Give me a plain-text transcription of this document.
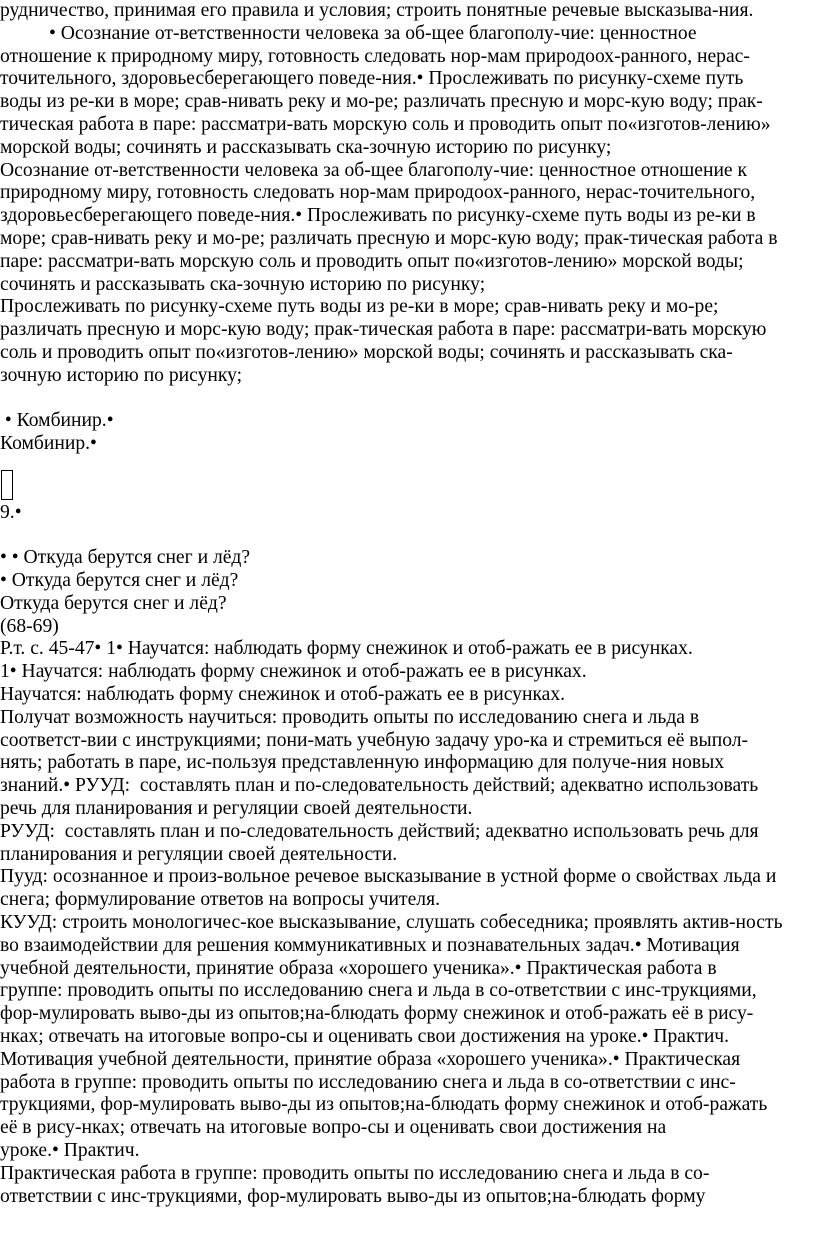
рудничество, принимая его правила и условия; строить понятные речевые высказыва-ния.
• Осознание от-ветственности человека за об-щее благополу-чие: ценностное
отношение к природному миру, готовность следовать нор-мам природоох-ранного, нерас-
точительного, здоровьесберегающего поведе-ния.• Прослеживать по рисунку-схеме путь
воды из ре-ки в море; срав-нивать реку и мо-ре; различать пресную и морс-кую воду; прак-
тическая работа в паре: рассматри-вать морскую соль и проводить опыт по«изготов-лению»
морской воды; сочинять и рассказывать ска-зочную историю по рисунку;
Осознание от-ветственности человека за об-щее благополу-чие: ценностное отношение к
природному миру, готовность следовать нор-мам природоох-ранного, нерас-точительного,
здоровьесберегающего поведе-ния.• Прослеживать по рисунку-схеме путь воды из ре-ки в
море; срав-нивать реку и мо-ре; различать пресную и морс-кую воду; прак-тическая работа в
паре: рассматри-вать морскую соль и проводить опыт по«изготов-лению» морской воды;
сочинять и рассказывать ска-зочную историю по рисунку;
Прослеживать по рисунку-схеме путь воды из ре-ки в море; срав-нивать реку и мо-ре;
различать пресную и морс-кую воду; прак-тическая работа в паре: рассматри-вать морскую
соль и проводить опыт по«изготов-лению» морской воды; сочинять и рассказывать ска-
зочную историю по рисунку;
• Комбинир.•
Комбинир.•
9.•
• • Откуда берутся снег и лёд?
• Откуда берутся снег и лёд?
Откуда берутся снег и лёд?
(68-69)
Р.т. с. 45-47• 1• Научатся: наблюдать форму снежинок и отоб-ражать ее в рисунках.
1• Научатся: наблюдать форму снежинок и отоб-ражать ее в рисунках.
Научатся: наблюдать форму снежинок и отоб-ражать ее в рисунках.
Получат возможность научиться: проводить опыты по исследованию снега и льда в
соответст-вии с инструкциями; пони-мать учебную задачу уро-ка и стремиться её выпол-
нять; работать в паре, ис-пользуя представленную информацию для получе-ния новых
знаний.• РУУД:  составлять план и по-следовательность действий; адекватно использовать
речь для планирования и регуляции своей деятельности.
РУУД:  составлять план и по-следовательность действий; адекватно использовать речь для
планирования и регуляции своей деятельности.
Пууд: осознанное и произ-вольное речевое высказывание в устной форме о свойствах льда и
снега; формулирование ответов на вопросы учителя.
КУУД: строить монологичес-кое высказывание, слушать собеседника; проявлять актив-ность
во взаимодействии для решения коммуникативных и познавательных задач.• Мотивация
учебной деятельности, принятие образа «хорошего ученика».• Практическая работа в
группе: проводить опыты по исследованию снега и льда в со-ответствии с инс-трукциями,
фор-мулировать выво-ды из опытов;на-блюдать форму снежинок и отоб-ражать её в рису-
нках; отвечать на итоговые вопро-сы и оценивать свои достижения на уроке.• Практич.
Мотивация учебной деятельности, принятие образа «хорошего ученика».• Практическая
работа в группе: проводить опыты по исследованию снега и льда в со-ответствии с инс-
трукциями, фор-мулировать выво-ды из опытов;на-блюдать форму снежинок и отоб-ражать
её в рису-нках; отвечать на итоговые вопро-сы и оценивать свои достижения на
уроке.• Практич.
Практическая работа в группе: проводить опыты по исследованию снега и льда в со-
ответствии с инс-трукциями, фор-мулировать выво-ды из опытов;на-блюдать форму
